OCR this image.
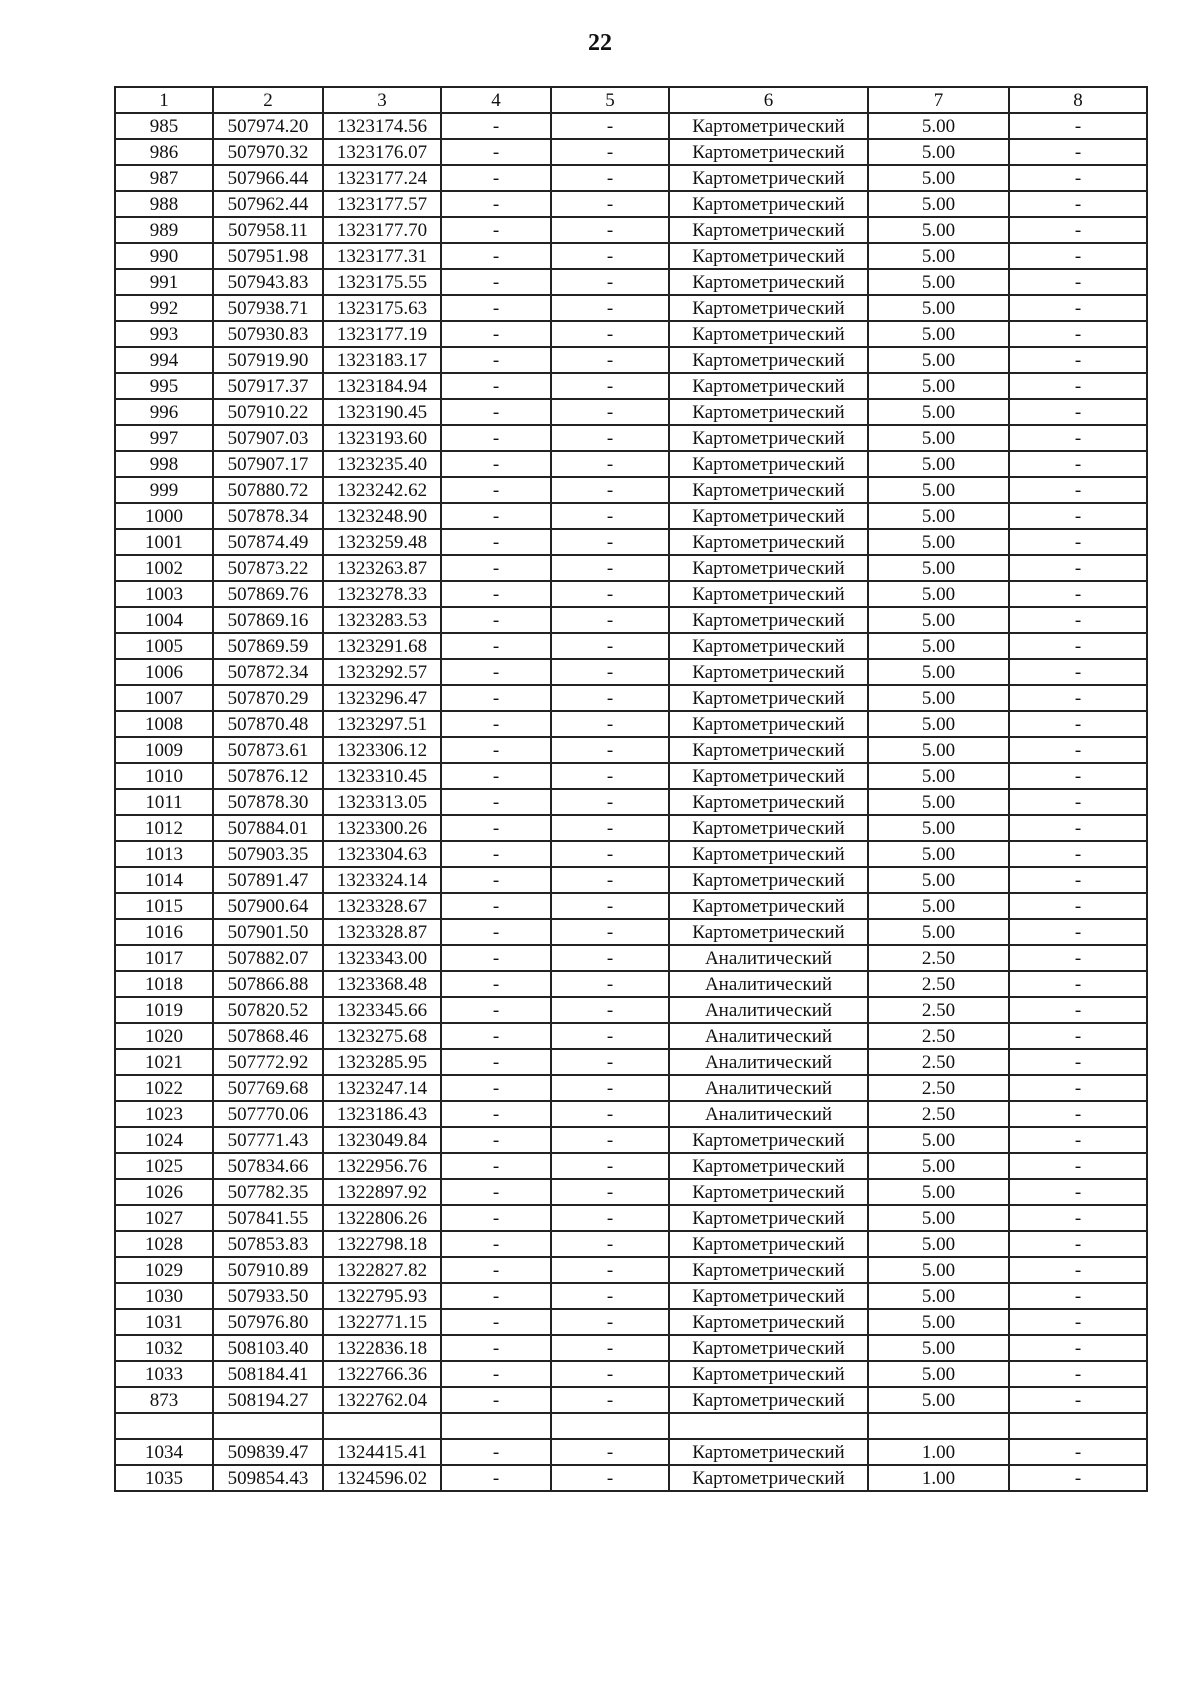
22
1	2	3	4	5	6	7	8
985	507974.20	1323174.56	-	-	Картометрический	5.00	-
986	507970.32	1323176.07	-	-	Картометрический	5.00	-
987	507966.44	1323177.24	-	-	Картометрический	5.00	-
988	507962.44	1323177.57	-	-	Картометрический	5.00	-
989	507958.11	1323177.70	-	-	Картометрический	5.00	-
990	507951.98	1323177.31	-	-	Картометрический	5.00	-
991	507943.83	1323175.55	-	-	Картометрический	5.00	-
992	507938.71	1323175.63	-	-	Картометрический	5.00	-
993	507930.83	1323177.19	-	-	Картометрический	5.00	-
994	507919.90	1323183.17	-	-	Картометрический	5.00	-
995	507917.37	1323184.94	-	-	Картометрический	5.00	-
996	507910.22	1323190.45	-	-	Картометрический	5.00	-
997	507907.03	1323193.60	-	-	Картометрический	5.00	-
998	507907.17	1323235.40	-	-	Картометрический	5.00	-
999	507880.72	1323242.62	-	-	Картометрический	5.00	-
1000	507878.34	1323248.90	-	-	Картометрический	5.00	-
1001	507874.49	1323259.48	-	-	Картометрический	5.00	-
1002	507873.22	1323263.87	-	-	Картометрический	5.00	-
1003	507869.76	1323278.33	-	-	Картометрический	5.00	-
1004	507869.16	1323283.53	-	-	Картометрический	5.00	-
1005	507869.59	1323291.68	-	-	Картометрический	5.00	-
1006	507872.34	1323292.57	-	-	Картометрический	5.00	-
1007	507870.29	1323296.47	-	-	Картометрический	5.00	-
1008	507870.48	1323297.51	-	-	Картометрический	5.00	-
1009	507873.61	1323306.12	-	-	Картометрический	5.00	-
1010	507876.12	1323310.45	-	-	Картометрический	5.00	-
1011	507878.30	1323313.05	-	-	Картометрический	5.00	-
1012	507884.01	1323300.26	-	-	Картометрический	5.00	-
1013	507903.35	1323304.63	-	-	Картометрический	5.00	-
1014	507891.47	1323324.14	-	-	Картометрический	5.00	-
1015	507900.64	1323328.67	-	-	Картометрический	5.00	-
1016	507901.50	1323328.87	-	-	Картометрический	5.00	-
1017	507882.07	1323343.00	-	-	Аналитический	2.50	-
1018	507866.88	1323368.48	-	-	Аналитический	2.50	-
1019	507820.52	1323345.66	-	-	Аналитический	2.50	-
1020	507868.46	1323275.68	-	-	Аналитический	2.50	-
1021	507772.92	1323285.95	-	-	Аналитический	2.50	-
1022	507769.68	1323247.14	-	-	Аналитический	2.50	-
1023	507770.06	1323186.43	-	-	Аналитический	2.50	-
1024	507771.43	1323049.84	-	-	Картометрический	5.00	-
1025	507834.66	1322956.76	-	-	Картометрический	5.00	-
1026	507782.35	1322897.92	-	-	Картометрический	5.00	-
1027	507841.55	1322806.26	-	-	Картометрический	5.00	-
1028	507853.83	1322798.18	-	-	Картометрический	5.00	-
1029	507910.89	1322827.82	-	-	Картометрический	5.00	-
1030	507933.50	1322795.93	-	-	Картометрический	5.00	-
1031	507976.80	1322771.15	-	-	Картометрический	5.00	-
1032	508103.40	1322836.18	-	-	Картометрический	5.00	-
1033	508184.41	1322766.36	-	-	Картометрический	5.00	-
873	508194.27	1322762.04	-	-	Картометрический	5.00	-

1034	509839.47	1324415.41	-	-	Картометрический	1.00	-
1035	509854.43	1324596.02	-	-	Картометрический	1.00	-
